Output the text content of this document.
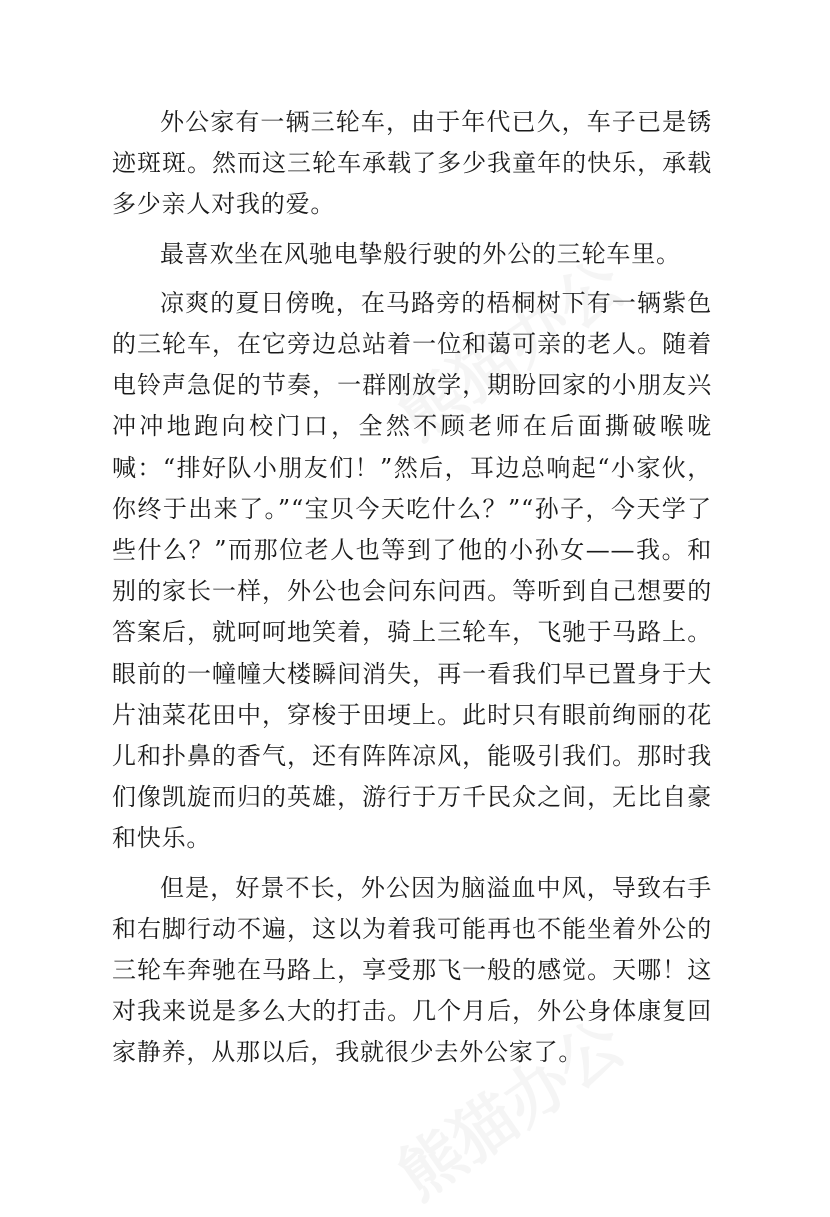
外公家有一辆三轮车，由于年代已久，车子已是锈迹斑斑。然而这三轮车承载了多少我童年的快乐，承载多少亲人对我的爱。

最喜欢坐在风驰电挚般行驶的外公的三轮车里。

凉爽的夏日傍晚，在马路旁的梧桐树下有一辆紫色的三轮车，在它旁边总站着一位和蔼可亲的老人。随着电铃声急促的节奏，一群刚放学，期盼回家的小朋友兴冲冲地跑向校门口，全然不顾老师在后面撕破喉咙喊：“排好队小朋友们！”然后，耳边总响起“小家伙，你终于出来了。”“宝贝今天吃什么？”“孙子，今天学了些什么？”而那位老人也等到了他的小孙女——我。和别的家长一样，外公也会问东问西。等听到自己想要的答案后，就呵呵地笑着，骑上三轮车，飞驰于马路上。眼前的一幢幢大楼瞬间消失，再一看我们早已置身于大片油菜花田中，穿梭于田埂上。此时只有眼前绚丽的花儿和扑鼻的香气，还有阵阵凉风，能吸引我们。那时我们像凯旋而归的英雄，游行于万千民众之间，无比自豪和快乐。

但是，好景不长，外公因为脑溢血中风，导致右手和右脚行动不遍，这以为着我可能再也不能坐着外公的三轮车奔驰在马路上，享受那飞一般的感觉。天哪！这对我来说是多么大的打击。几个月后，外公身体康复回家静养，从那以后，我就很少去外公家了。
